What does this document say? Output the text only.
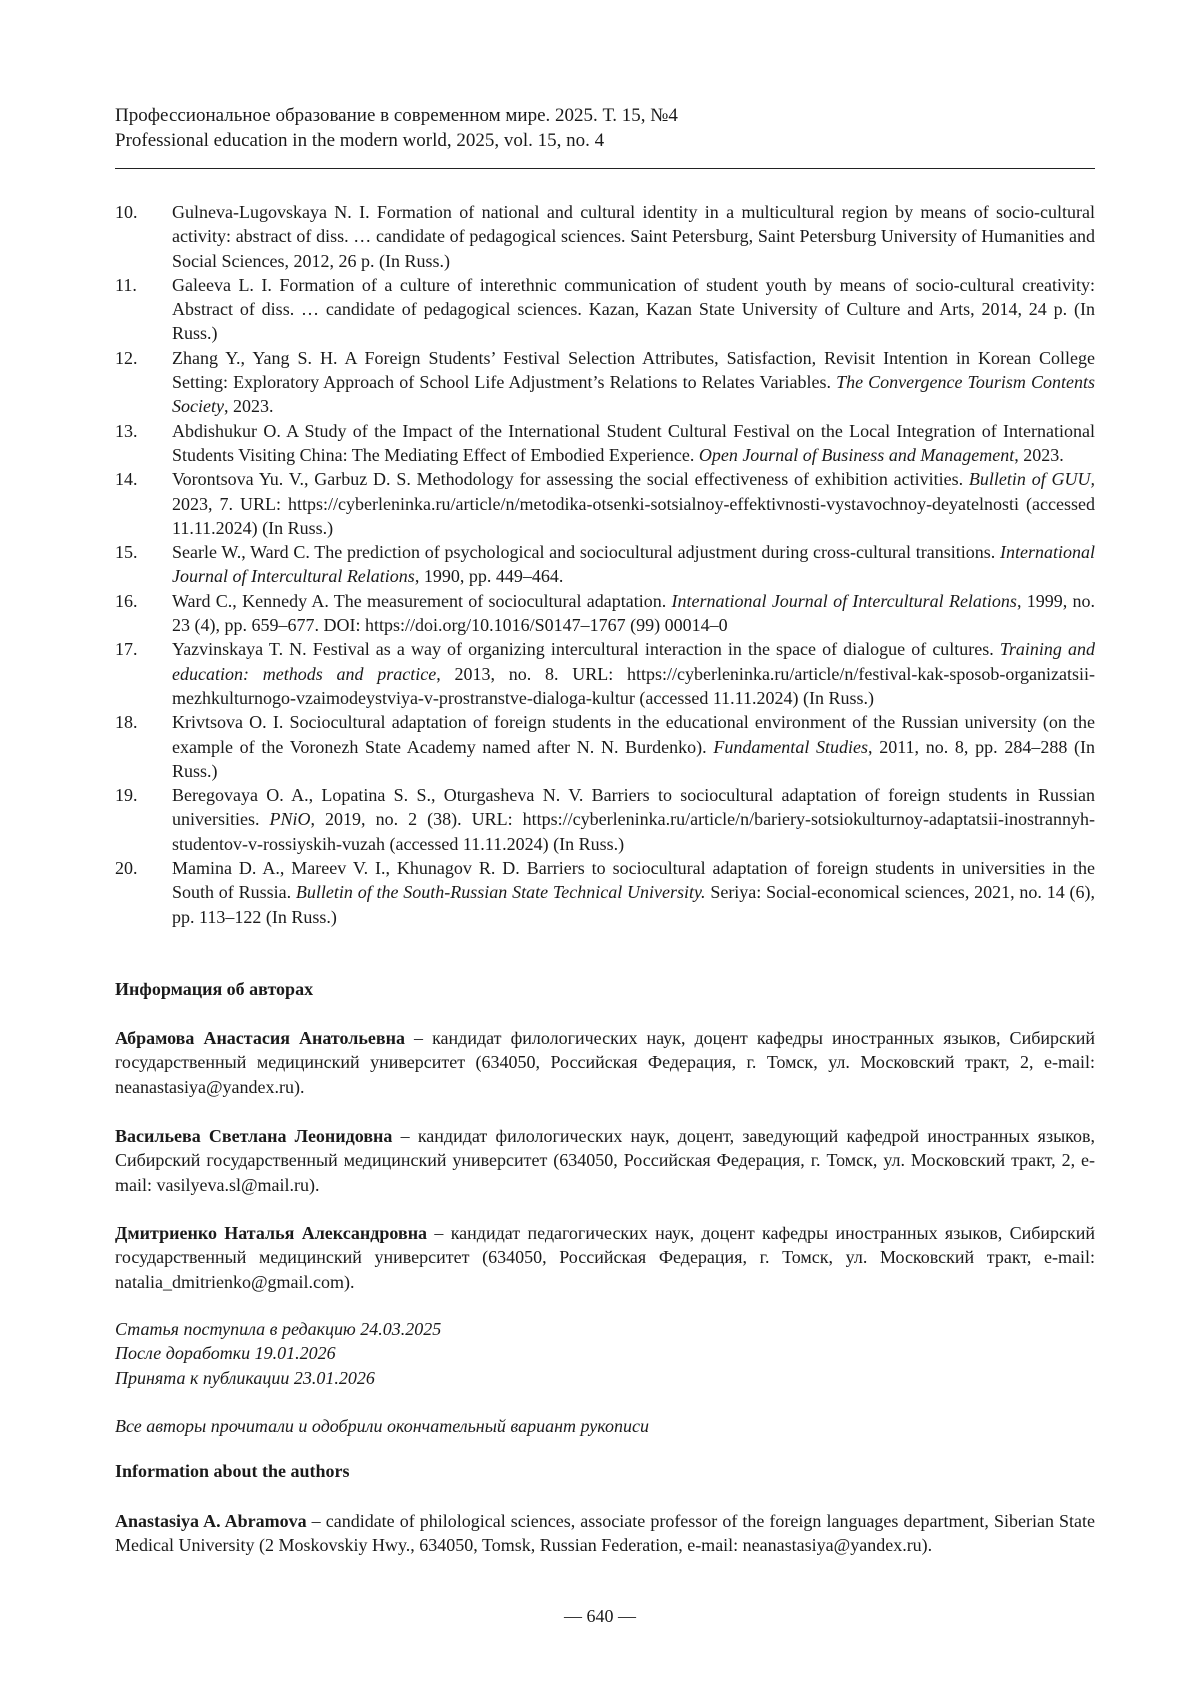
Профессиональное образование в современном мире. 2025. Т. 15, №4
Professional education in the modern world, 2025, vol. 15, no. 4
10.	Gulneva-Lugovskaya N. I. Formation of national and cultural identity in a multicultural region by means of socio-cultural activity: abstract of diss. … candidate of pedagogical sciences. Saint Petersburg, Saint Petersburg University of Humanities and Social Sciences, 2012, 26 p. (In Russ.)
11.	Galeeva L. I. Formation of a culture of interethnic communication of student youth by means of socio-cultural creativity: Abstract of diss. … candidate of pedagogical sciences. Kazan, Kazan State University of Culture and Arts, 2014, 24 p. (In Russ.)
12.	Zhang Y., Yang S. H. A Foreign Students’ Festival Selection Attributes, Satisfaction, Revisit Intention in Korean College Setting: Exploratory Approach of School Life Adjustment’s Relations to Relates Variables. The Convergence Tourism Contents Society, 2023.
13.	Abdishukur O. A Study of the Impact of the International Student Cultural Festival on the Local Integration of International Students Visiting China: The Mediating Effect of Embodied Experience. Open Journal of Business and Management, 2023.
14.	Vorontsova Yu. V., Garbuz D. S. Methodology for assessing the social effectiveness of exhibition activities. Bulletin of GUU, 2023, 7. URL: https://cyberleninka.ru/article/n/metodika-otsenki-sotsialnoy-effektivnosti-vystavochnoy-deyatelnosti (accessed 11.11.2024) (In Russ.)
15.	Searle W., Ward C. The prediction of psychological and sociocultural adjustment during cross-cultural transitions. International Journal of Intercultural Relations, 1990, pp. 449–464.
16.	Ward C., Kennedy A. The measurement of sociocultural adaptation. International Journal of Intercultural Relations, 1999, no. 23 (4), pp. 659–677. DOI: https://doi.org/10.1016/S0147–1767 (99) 00014–0
17.	Yazvinskaya T. N. Festival as a way of organizing intercultural interaction in the space of dialogue of cultures. Training and education: methods and practice, 2013, no. 8. URL: https://cyberleninka.ru/article/n/festival-kak-sposob-organizatsii-mezhkulturnogo-vzaimodeystviya-v-prostranstve-dialoga-kultur (accessed 11.11.2024) (In Russ.)
18.	Krivtsova O. I. Sociocultural adaptation of foreign students in the educational environment of the Russian university (on the example of the Voronezh State Academy named after N. N. Burdenko). Fundamental Studies, 2011, no. 8, pp. 284–288 (In Russ.)
19.	Beregovaya O. A., Lopatina S. S., Oturgasheva N. V. Barriers to sociocultural adaptation of foreign students in Russian universities. PNiO, 2019, no. 2 (38). URL: https://cyberleninka.ru/article/n/bariery-sotsiokulturnoy-adaptatsii-inostrannyh-studentov-v-rossiyskih-vuzah (accessed 11.11.2024) (In Russ.)
20.	Mamina D. A., Mareev V. I., Khunagov R. D. Barriers to sociocultural adaptation of foreign students in universities in the South of Russia. Bulletin of the South-Russian State Technical University. Seriya: Social-economical sciences, 2021, no. 14 (6), pp. 113–122 (In Russ.)
Информация об авторах

Абрамова Анастасия Анатольевна – кандидат филологических наук, доцент кафедры иностранных языков, Сибирский государственный медицинский университет (634050, Российская Федерация, г. Томск, ул. Московский тракт, 2, e-mail: neanastasiya@yandex.ru).

Васильева Светлана Леонидовна – кандидат филологических наук, доцент, заведующий кафедрой иностранных языков, Сибирский государственный медицинский университет (634050, Российская Федерация, г. Томск, ул. Московский тракт, 2, e-mail: vasilyeva.sl@mail.ru).

Дмитриенко Наталья Александровна – кандидат педагогических наук, доцент кафедры иностранных языков, Сибирский государственный медицинский университет (634050, Российская Федерация, г. Томск, ул. Московский тракт, e-mail: natalia_dmitrienko@gmail.com).

Статья поступила в редакцию 24.03.2025
После доработки 19.01.2026
Принята к публикации 23.01.2026

Все авторы прочитали и одобрили окончательный вариант рукописи

Information about the authors

Anastasiya A. Abramova – candidate of philological sciences, associate professor of the foreign languages department, Siberian State Medical University (2 Moskovskiy Hwy., 634050, Tomsk, Russian Federation, e-mail: neanastasiya@yandex.ru).

— 640 —
